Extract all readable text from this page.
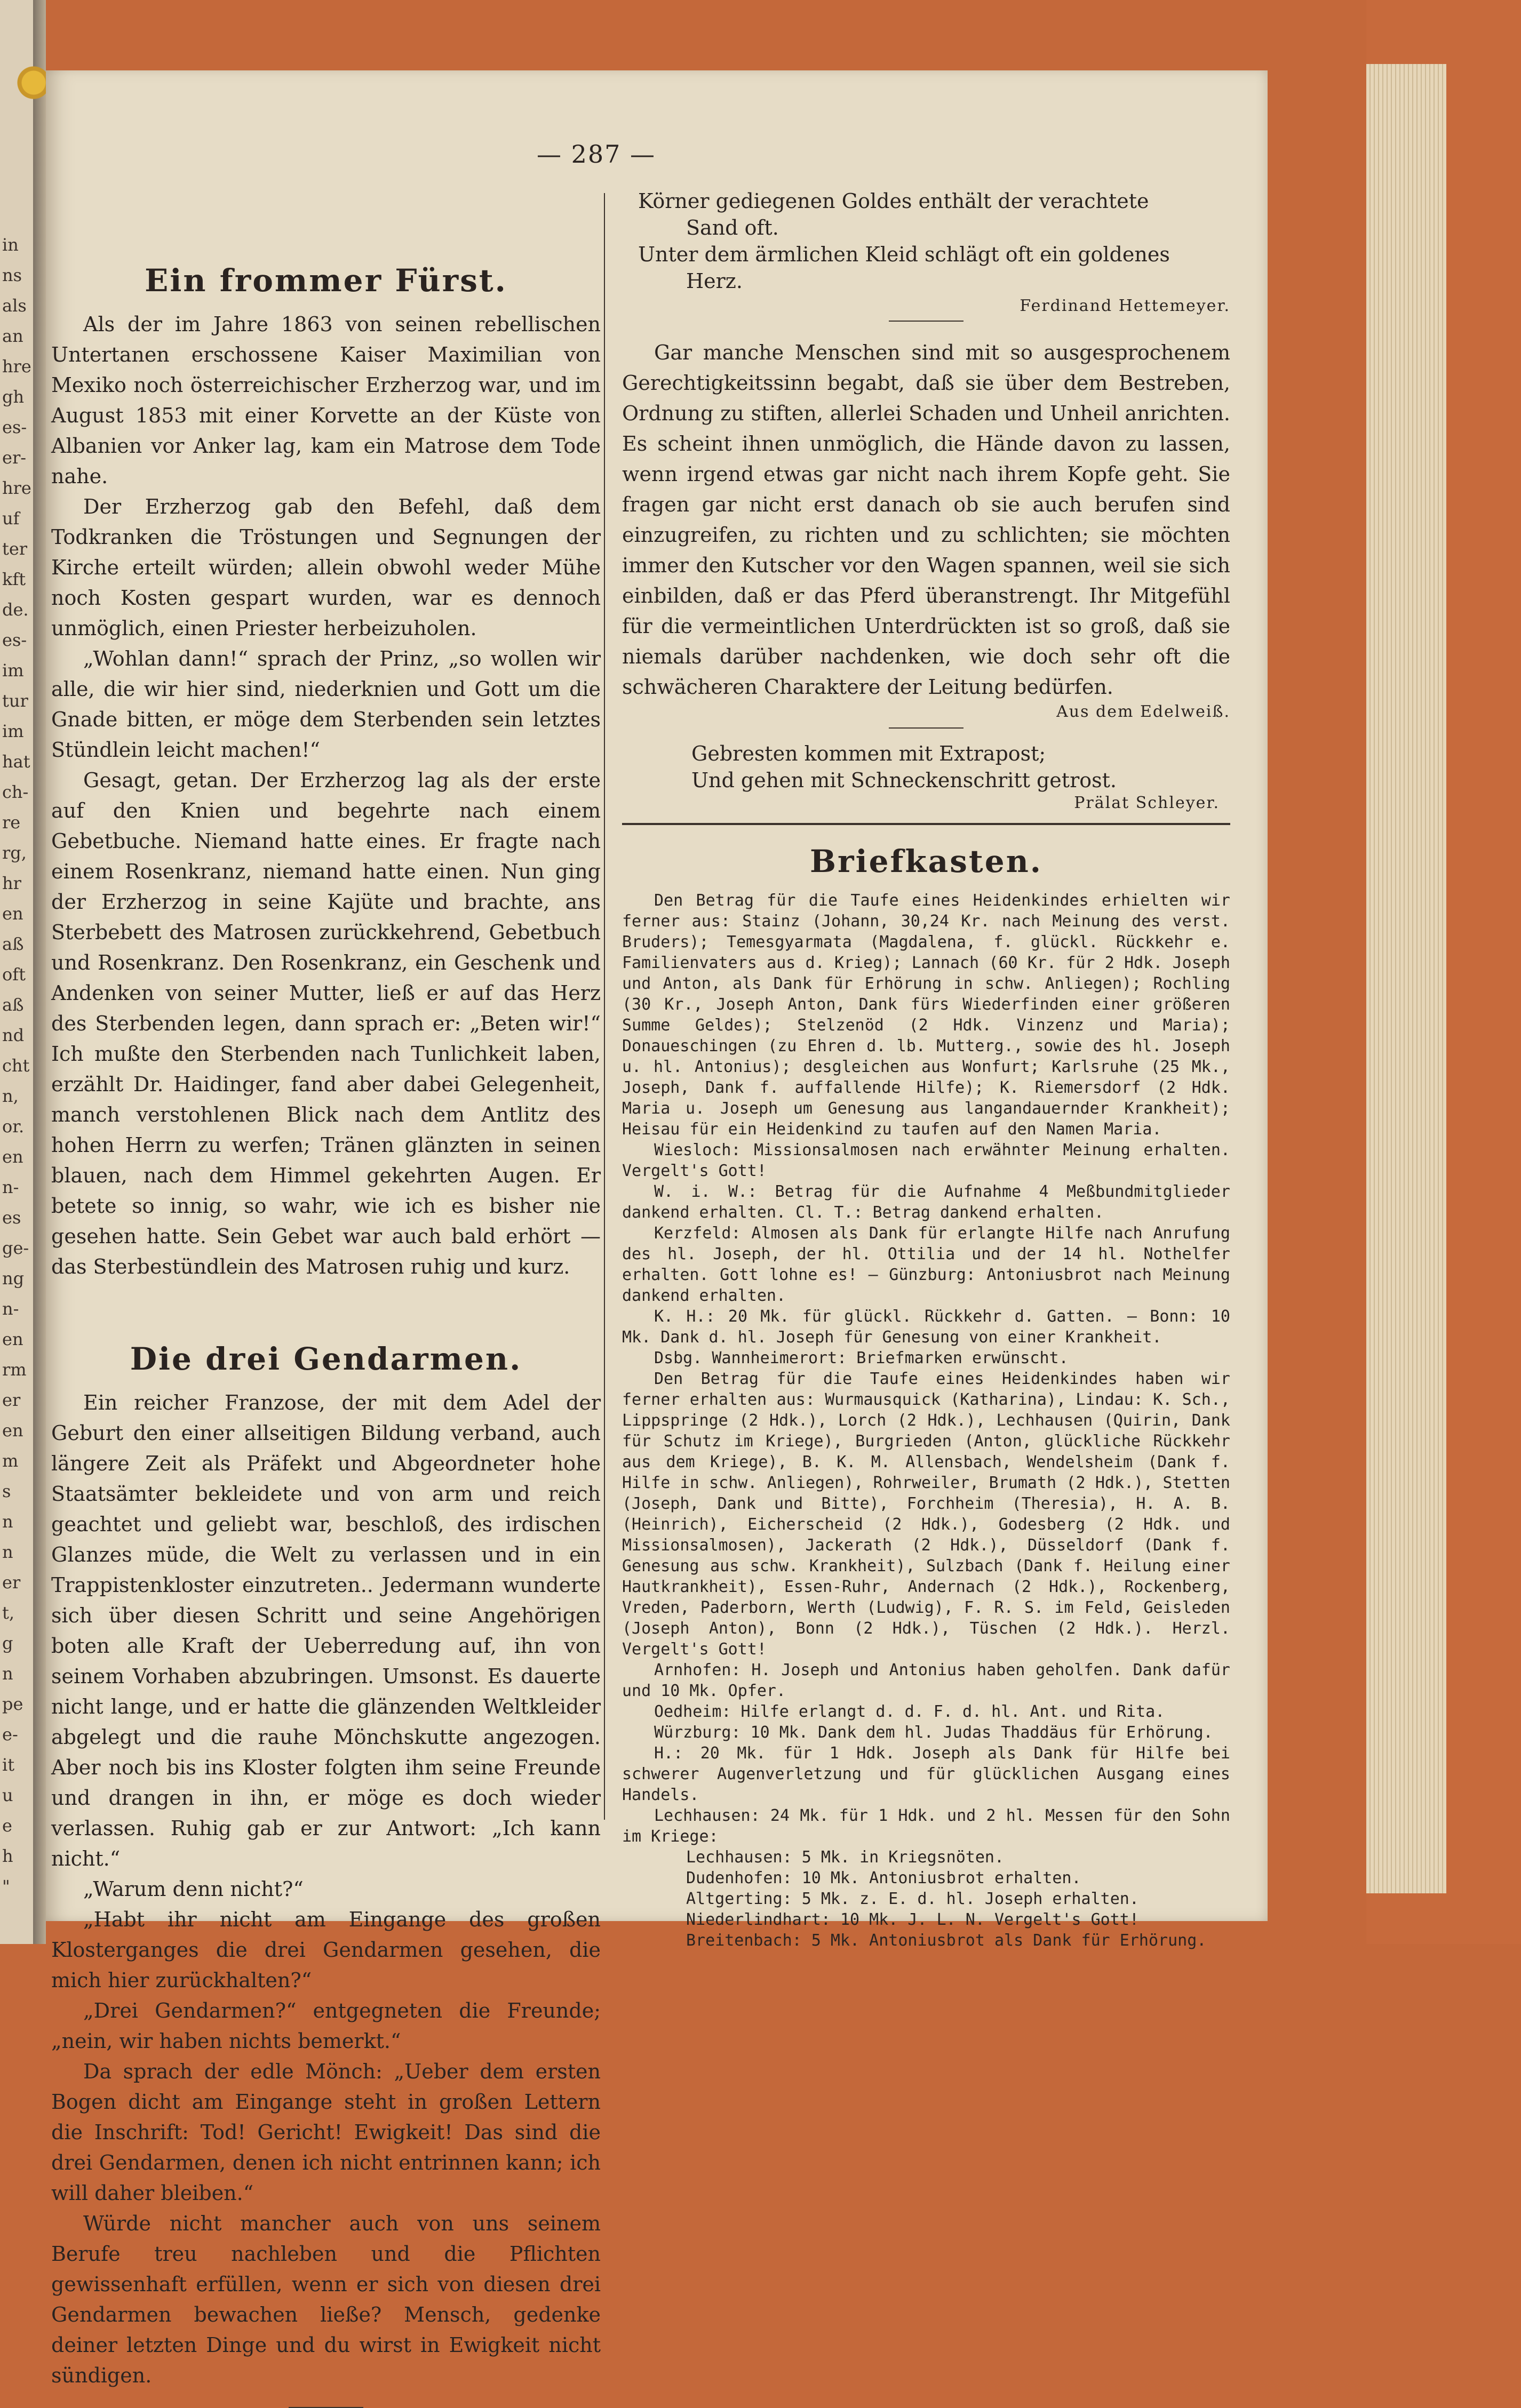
in
ns
als
an
hre
gh
es-
er-
hre
uf
ter
kft
de.
es-
im
tur
im
hat
ch-
re
rg,
hr
en
aß
oft
aß
nd
cht
n,
or.
en
n-
es
ge-
ng
n-
en
rm
er
en
m
s
n
n
er
t,
g
n
pe
e-
it
u
e
h
"
— 287 —
Ein frommer Fürst.

Als der im Jahre 1863 von seinen rebellischen Untertanen erschossene Kaiser Maximilian von Mexiko noch österreichischer Erzherzog war, und im August 1853 mit einer Korvette an der Küste von Albanien vor Anker lag, kam ein Matrose dem Tode nahe.

Der Erzherzog gab den Befehl, daß dem Todkranken die Tröstungen und Segnungen der Kirche erteilt würden; allein obwohl weder Mühe noch Kosten gespart wurden, war es dennoch unmöglich, einen Priester herbeizuholen.

„Wohlan dann!“ sprach der Prinz, „so wollen wir alle, die wir hier sind, niederknien und Gott um die Gnade bitten, er möge dem Sterbenden sein letztes Stündlein leicht machen!“

Gesagt, getan. Der Erzherzog lag als der erste auf den Knien und begehrte nach einem Gebetbuche. Niemand hatte eines. Er fragte nach einem Rosenkranz, niemand hatte einen. Nun ging der Erzherzog in seine Kajüte und brachte, ans Sterbebett des Matrosen zurückkehrend, Gebetbuch und Rosenkranz. Den Rosenkranz, ein Geschenk und Andenken von seiner Mutter, ließ er auf das Herz des Sterbenden legen, dann sprach er: „Beten wir!“ Ich mußte den Sterbenden nach Tunlichkeit laben, erzählt Dr. Haidinger, fand aber dabei Gelegenheit, manch verstohlenen Blick nach dem Antlitz des hohen Herrn zu werfen; Tränen glänzten in seinen blauen, nach dem Himmel gekehrten Augen. Er betete so innig, so wahr, wie ich es bisher nie gesehen hatte. Sein Gebet war auch bald erhört — das Sterbestündlein des Matrosen ruhig und kurz.

Die drei Gendarmen.

Ein reicher Franzose, der mit dem Adel der Geburt den einer allseitigen Bildung verband, auch längere Zeit als Präfekt und Abgeordneter hohe Staatsämter bekleidete und von arm und reich geachtet und geliebt war, beschloß, des irdischen Glanzes müde, die Welt zu verlassen und in ein Trappistenkloster einzutreten.. Jedermann wunderte sich über diesen Schritt und seine Angehörigen boten alle Kraft der Ueberredung auf, ihn von seinem Vorhaben abzubringen. Umsonst. Es dauerte nicht lange, und er hatte die glänzenden Weltkleider abgelegt und die rauhe Mönchskutte angezogen. Aber noch bis ins Kloster folgten ihm seine Freunde und drangen in ihn, er möge es doch wieder verlassen. Ruhig gab er zur Antwort: „Ich kann nicht.“

„Warum denn nicht?“

„Habt ihr nicht am Eingange des großen Klosterganges die drei Gendarmen gesehen, die mich hier zurückhalten?“

„Drei Gendarmen?“ entgegneten die Freunde; „nein, wir haben nichts bemerkt.“

Da sprach der edle Mönch: „Ueber dem ersten Bogen dicht am Eingange steht in großen Lettern die Inschrift: Tod! Gericht! Ewigkeit! Das sind die drei Gendarmen, denen ich nicht entrinnen kann; ich will daher bleiben.“

Würde nicht mancher auch von uns seinem Berufe treu nachleben und die Pflichten gewissenhaft erfüllen, wenn er sich von diesen drei Gendarmen bewachen ließe? Mensch, gedenke deiner letzten Dinge und du wirst in Ewigkeit nicht sündigen.

Körner gediegenen Goldes enthält der verachtete

Sand oft.

Unter dem ärmlichen Kleid schlägt oft ein goldenes

Herz.

Ferdinand Hettemeyer.

Gar manche Menschen sind mit so ausgesprochenem Gerechtigkeitssinn begabt, daß sie über dem Bestreben, Ordnung zu stiften, allerlei Schaden und Unheil anrichten. Es scheint ihnen unmöglich, die Hände davon zu lassen, wenn irgend etwas gar nicht nach ihrem Kopfe geht. Sie fragen gar nicht erst danach ob sie auch berufen sind einzugreifen, zu richten und zu schlichten; sie möchten immer den Kutscher vor den Wagen spannen, weil sie sich einbilden, daß er das Pferd überanstrengt. Ihr Mitgefühl für die vermeintlichen Unterdrückten ist so groß, daß sie niemals darüber nachdenken, wie doch sehr oft die schwächeren Charaktere der Leitung bedürfen.

Aus dem Edelweiß.

Gebresten kommen mit Extrapost;

Und gehen mit Schneckenschritt getrost.

Prälat Schleyer.

Briefkasten.

Den Betrag für die Taufe eines Heidenkindes erhielten wir ferner aus: Stainz (Johann, 30,24 Kr. nach Meinung des verst. Bruders); Temesgyarmata (Magdalena, f. glückl. Rückkehr e. Familienvaters aus d. Krieg); Lannach (60 Kr. für 2 Hdk. Joseph und Anton, als Dank für Erhörung in schw. Anliegen); Rochling (30 Kr., Joseph Anton, Dank fürs Wiederfinden einer größeren Summe Geldes); Stelzenöd (2 Hdk. Vinzenz und Maria); Donaueschingen (zu Ehren d. lb. Mutterg., sowie des hl. Joseph u. hl. Antonius); desgleichen aus Wonfurt; Karlsruhe (25 Mk., Joseph, Dank f. auffallende Hilfe); K. Riemersdorf (2 Hdk. Maria u. Joseph um Genesung aus langandauernder Krankheit); Heisau für ein Heidenkind zu taufen auf den Namen Maria.

Wiesloch: Missionsalmosen nach erwähnter Meinung erhalten. Vergelt's Gott!

W. i. W.: Betrag für die Aufnahme 4 Meßbundmitglieder dankend erhalten. Cl. T.: Betrag dankend erhalten.

Kerzfeld: Almosen als Dank für erlangte Hilfe nach Anrufung des hl. Joseph, der hl. Ottilia und der 14 hl. Nothelfer erhalten. Gott lohne es! — Günzburg: Antoniusbrot nach Meinung dankend erhalten.

K. H.: 20 Mk. für glückl. Rückkehr d. Gatten. — Bonn: 10 Mk. Dank d. hl. Joseph für Genesung von einer Krankheit.

Dsbg. Wannheimerort: Briefmarken erwünscht.

Den Betrag für die Taufe eines Heidenkindes haben wir ferner erhalten aus: Wurmausquick (Katharina), Lindau: K. Sch., Lippspringe (2 Hdk.), Lorch (2 Hdk.), Lechhausen (Quirin, Dank für Schutz im Kriege), Burgrieden (Anton, glückliche Rückkehr aus dem Kriege), B. K. M. Allensbach, Wendelsheim (Dank f. Hilfe in schw. Anliegen), Rohrweiler, Brumath (2 Hdk.), Stetten (Joseph, Dank und Bitte), Forchheim (Theresia), H. A. B. (Heinrich), Eicherscheid (2 Hdk.), Godesberg (2 Hdk. und Missionsalmosen), Jackerath (2 Hdk.), Düsseldorf (Dank f. Genesung aus schw. Krankheit), Sulzbach (Dank f. Heilung einer Hautkrankheit), Essen-Ruhr, Andernach (2 Hdk.), Rockenberg, Vreden, Paderborn, Werth (Ludwig), F. R. S. im Feld, Geisleden (Joseph Anton), Bonn (2 Hdk.), Tüschen (2 Hdk.). Herzl. Vergelt's Gott!

Arnhofen: H. Joseph und Antonius haben geholfen. Dank dafür und 10 Mk. Opfer.

Oedheim: Hilfe erlangt d. d. F. d. hl. Ant. und Rita.

Würzburg: 10 Mk. Dank dem hl. Judas Thaddäus für Erhörung.

H.: 20 Mk. für 1 Hdk. Joseph als Dank für Hilfe bei schwerer Augenverletzung und für glücklichen Ausgang eines Handels.

Lechhausen: 24 Mk. für 1 Hdk. und 2 hl. Messen für den Sohn im Kriege:

Lechhausen: 5 Mk. in Kriegsnöten.

Dudenhofen: 10 Mk. Antoniusbrot erhalten.

Altgerting: 5 Mk. z. E. d. hl. Joseph erhalten.

Niederlindhart: 10 Mk. J. L. N. Vergelt's Gott!

Breitenbach: 5 Mk. Antoniusbrot als Dank für Erhörung.
